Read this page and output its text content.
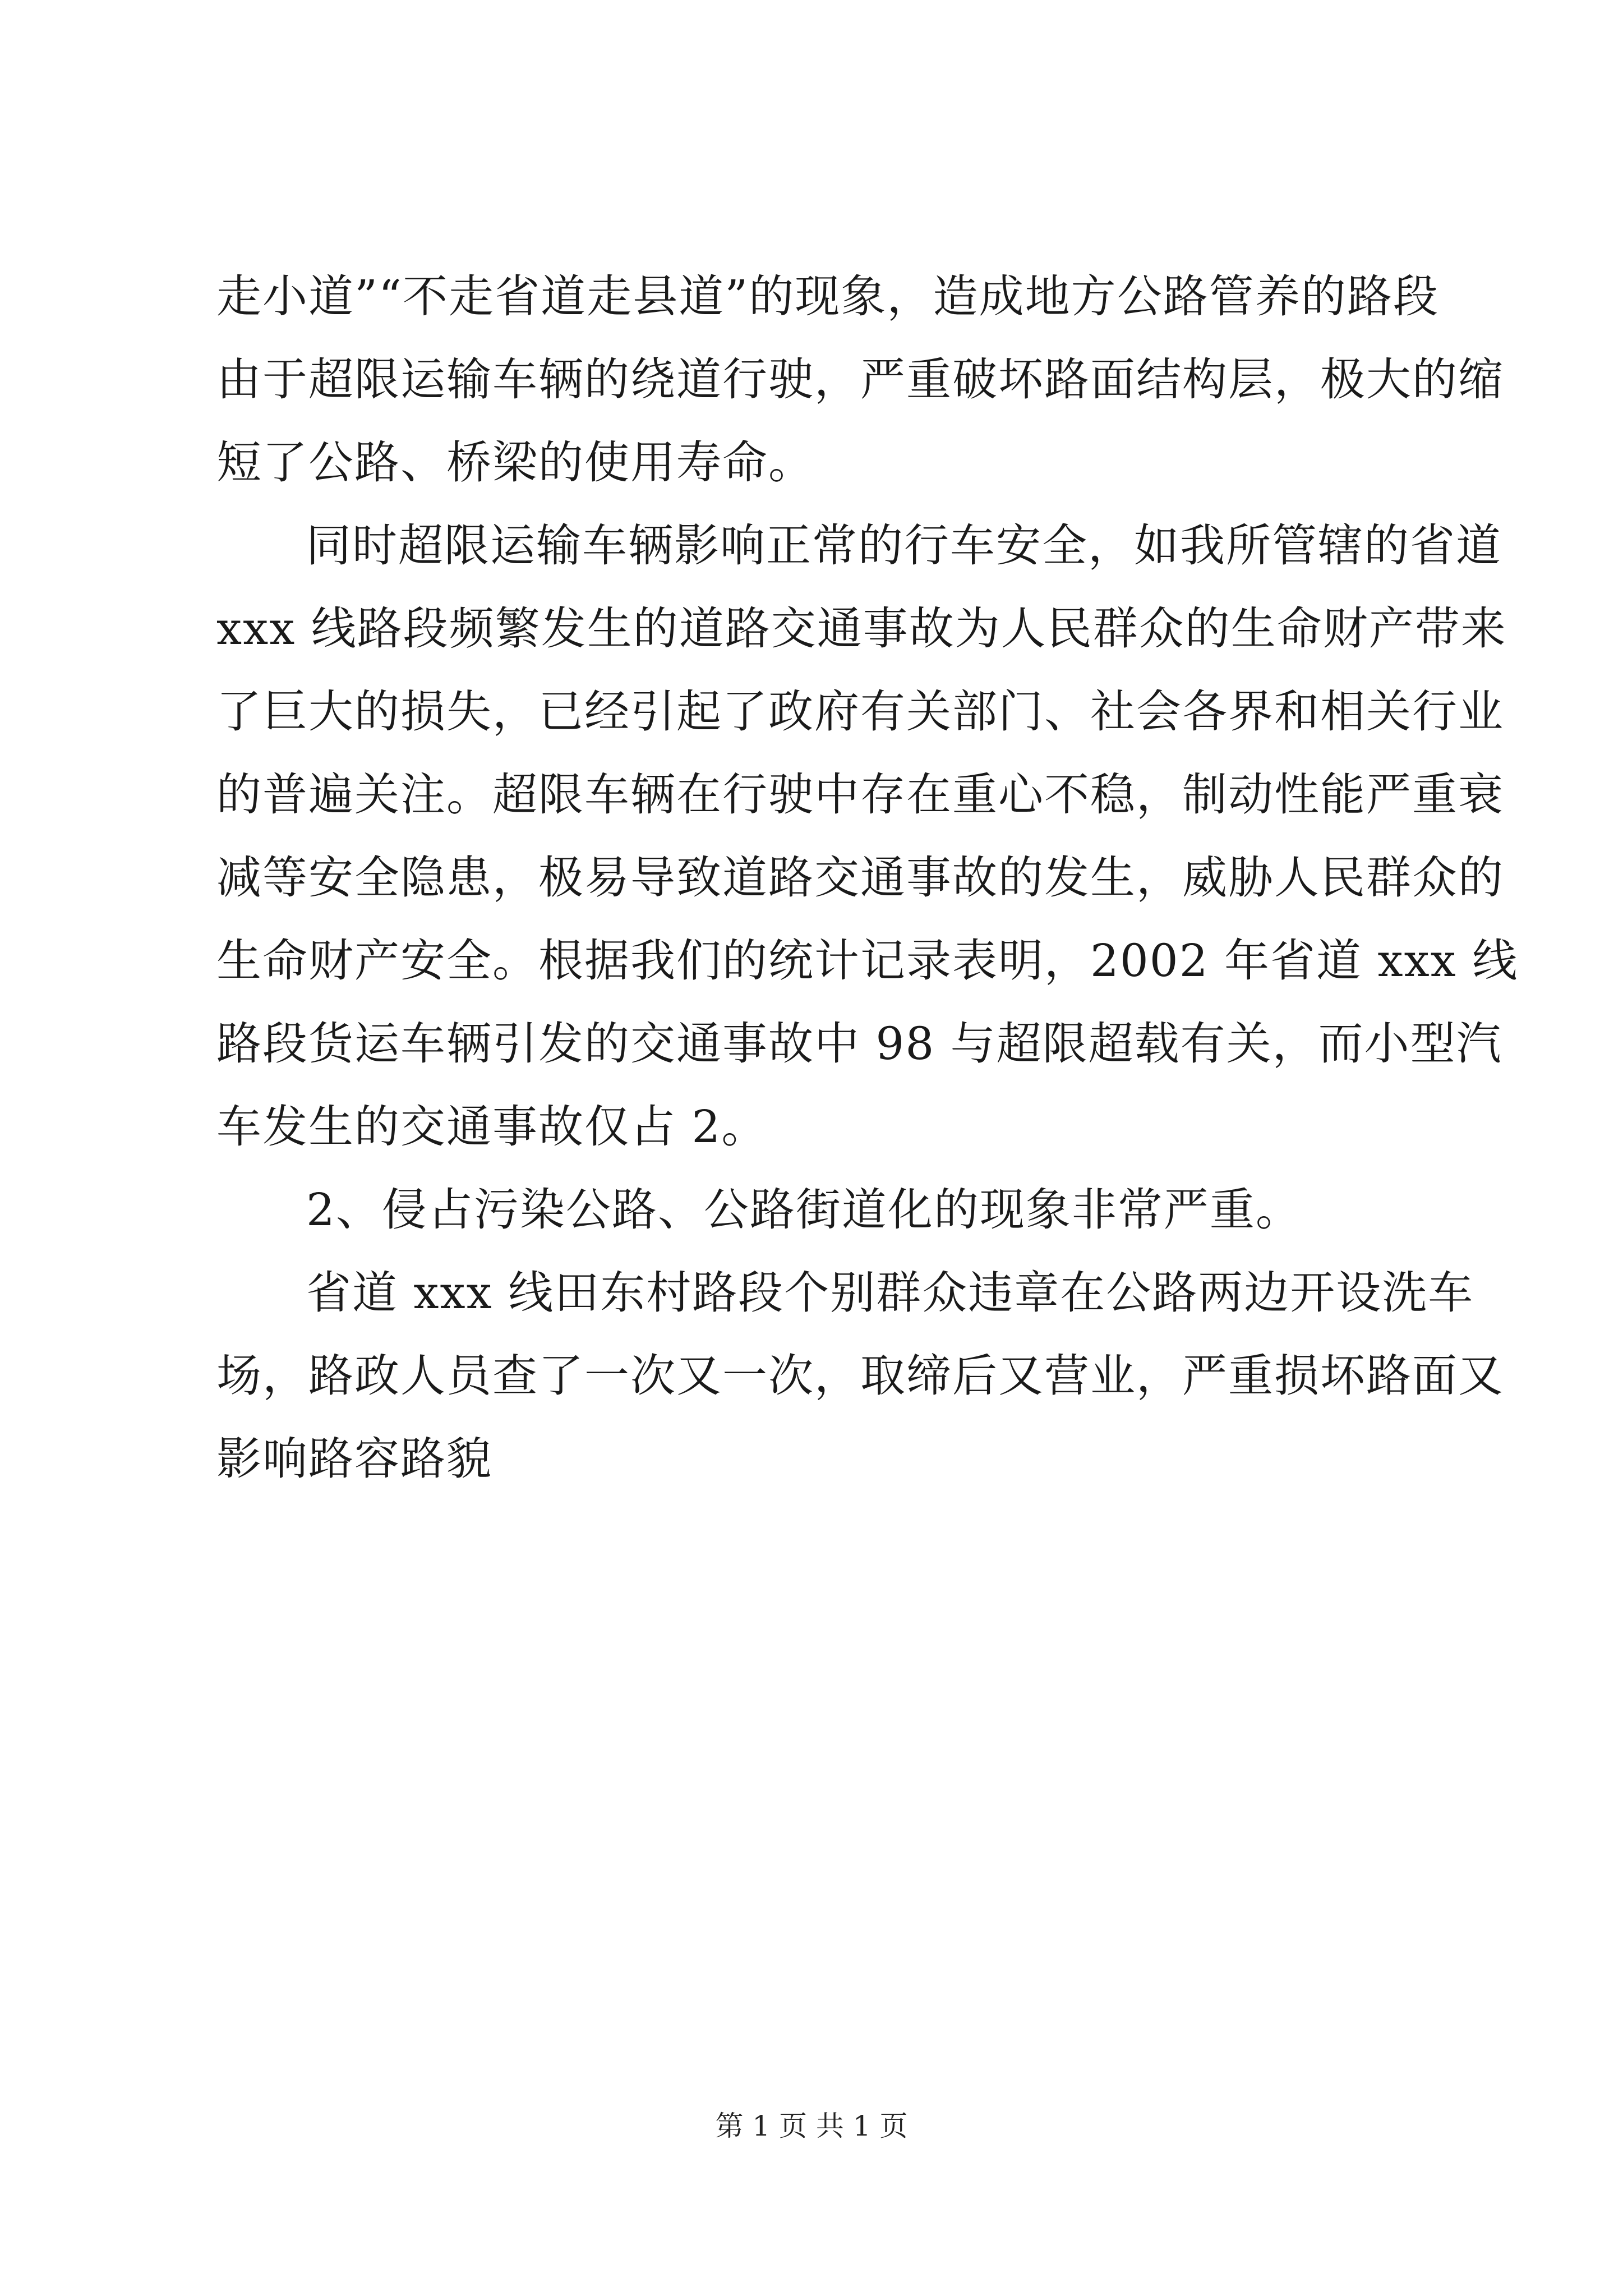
走小道”“不走省道走县道”的现象，造成地方公路管养的路段
由于超限运输车辆的绕道行驶，严重破坏路面结构层，极大的缩
短了公路、桥梁的使用寿命。
同时超限运输车辆影响正常的行车安全，如我所管辖的省道
xxx 线路段频繁发生的道路交通事故为人民群众的生命财产带来
了巨大的损失，已经引起了政府有关部门、社会各界和相关行业
的普遍关注。超限车辆在行驶中存在重心不稳，制动性能严重衰
减等安全隐患，极易导致道路交通事故的发生，威胁人民群众的
生命财产安全。根据我们的统计记录表明，2002 年省道 xxx 线
路段货运车辆引发的交通事故中 98 与超限超载有关，而小型汽
车发生的交通事故仅占 2。
2、侵占污染公路、公路街道化的现象非常严重。
省道 xxx 线田东村路段个别群众违章在公路两边开设洗车
场，路政人员查了一次又一次，取缔后又营业，严重损坏路面又
影响路容路貌
第 1 页 共 1 页
